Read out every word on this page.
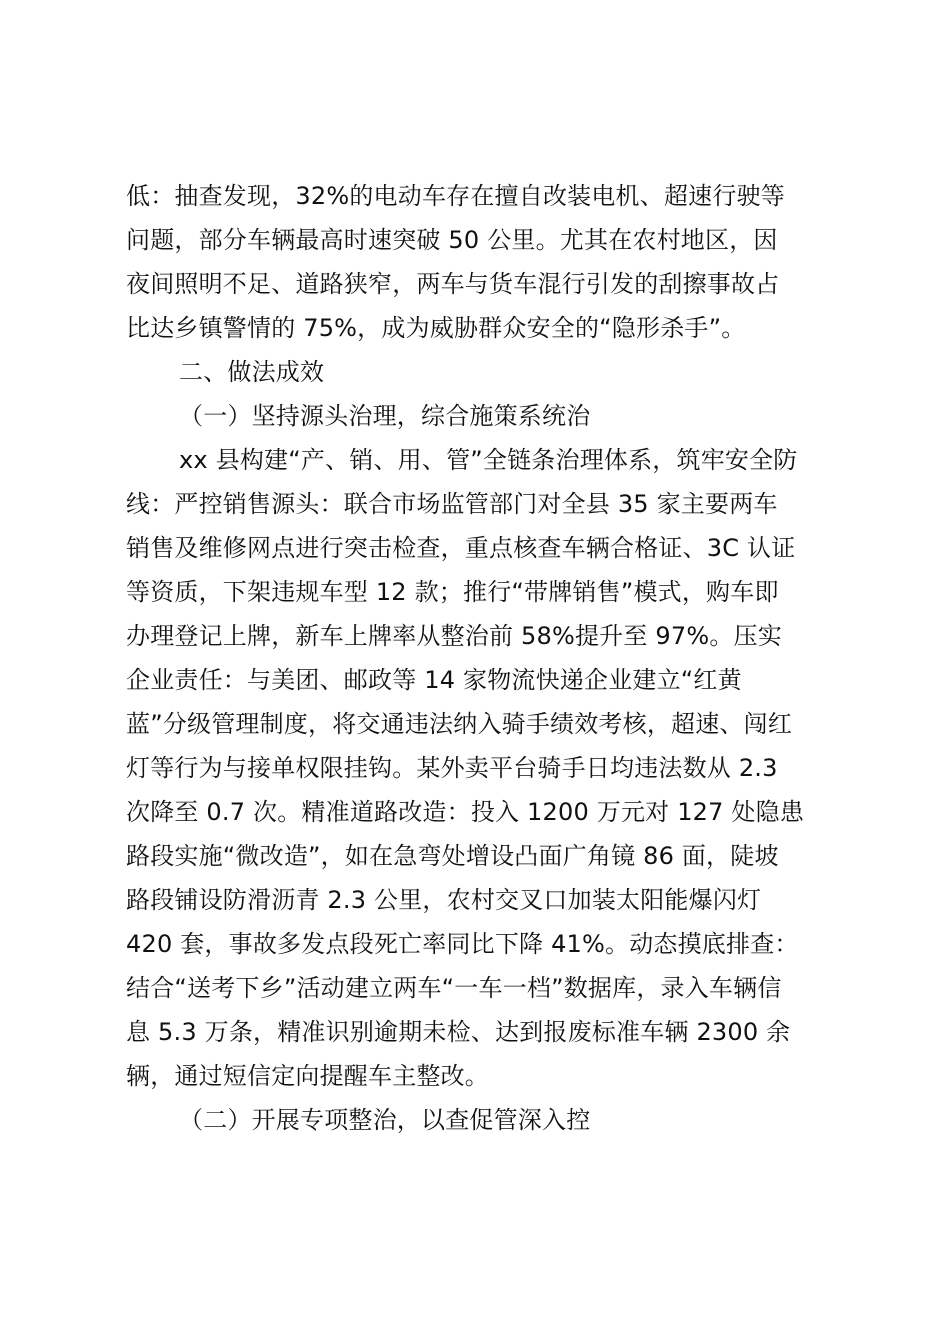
低：抽查发现，32%的电动车存在擅自改装电机、超速行驶等
问题，部分车辆最高时速突破 50 公里。尤其在农村地区，因
夜间照明不足、道路狭窄，两车与货车混行引发的刮擦事故占
比达乡镇警情的 75%，成为威胁群众安全的“隐形杀手”。
二、做法成效
（一）坚持源头治理，综合施策系统治
xx 县构建“产、销、用、管”全链条治理体系，筑牢安全防
线：严控销售源头：联合市场监管部门对全县 35 家主要两车
销售及维修网点进行突击检查，重点核查车辆合格证、3C 认证
等资质，下架违规车型 12 款；推行“带牌销售”模式，购车即
办理登记上牌，新车上牌率从整治前 58%提升至 97%。压实
企业责任：与美团、邮政等 14 家物流快递企业建立“红黄
蓝”分级管理制度，将交通违法纳入骑手绩效考核，超速、闯红
灯等行为与接单权限挂钩。某外卖平台骑手日均违法数从 2.3
次降至 0.7 次。精准道路改造：投入 1200 万元对 127 处隐患
路段实施“微改造”，如在急弯处增设凸面广角镜 86 面，陡坡
路段铺设防滑沥青 2.3 公里，农村交叉口加装太阳能爆闪灯
420 套，事故多发点段死亡率同比下降 41%。动态摸底排查：
结合“送考下乡”活动建立两车“一车一档”数据库，录入车辆信
息 5.3 万条，精准识别逾期未检、达到报废标准车辆 2300 余
辆，通过短信定向提醒车主整改。
（二）开展专项整治，以查促管深入控
